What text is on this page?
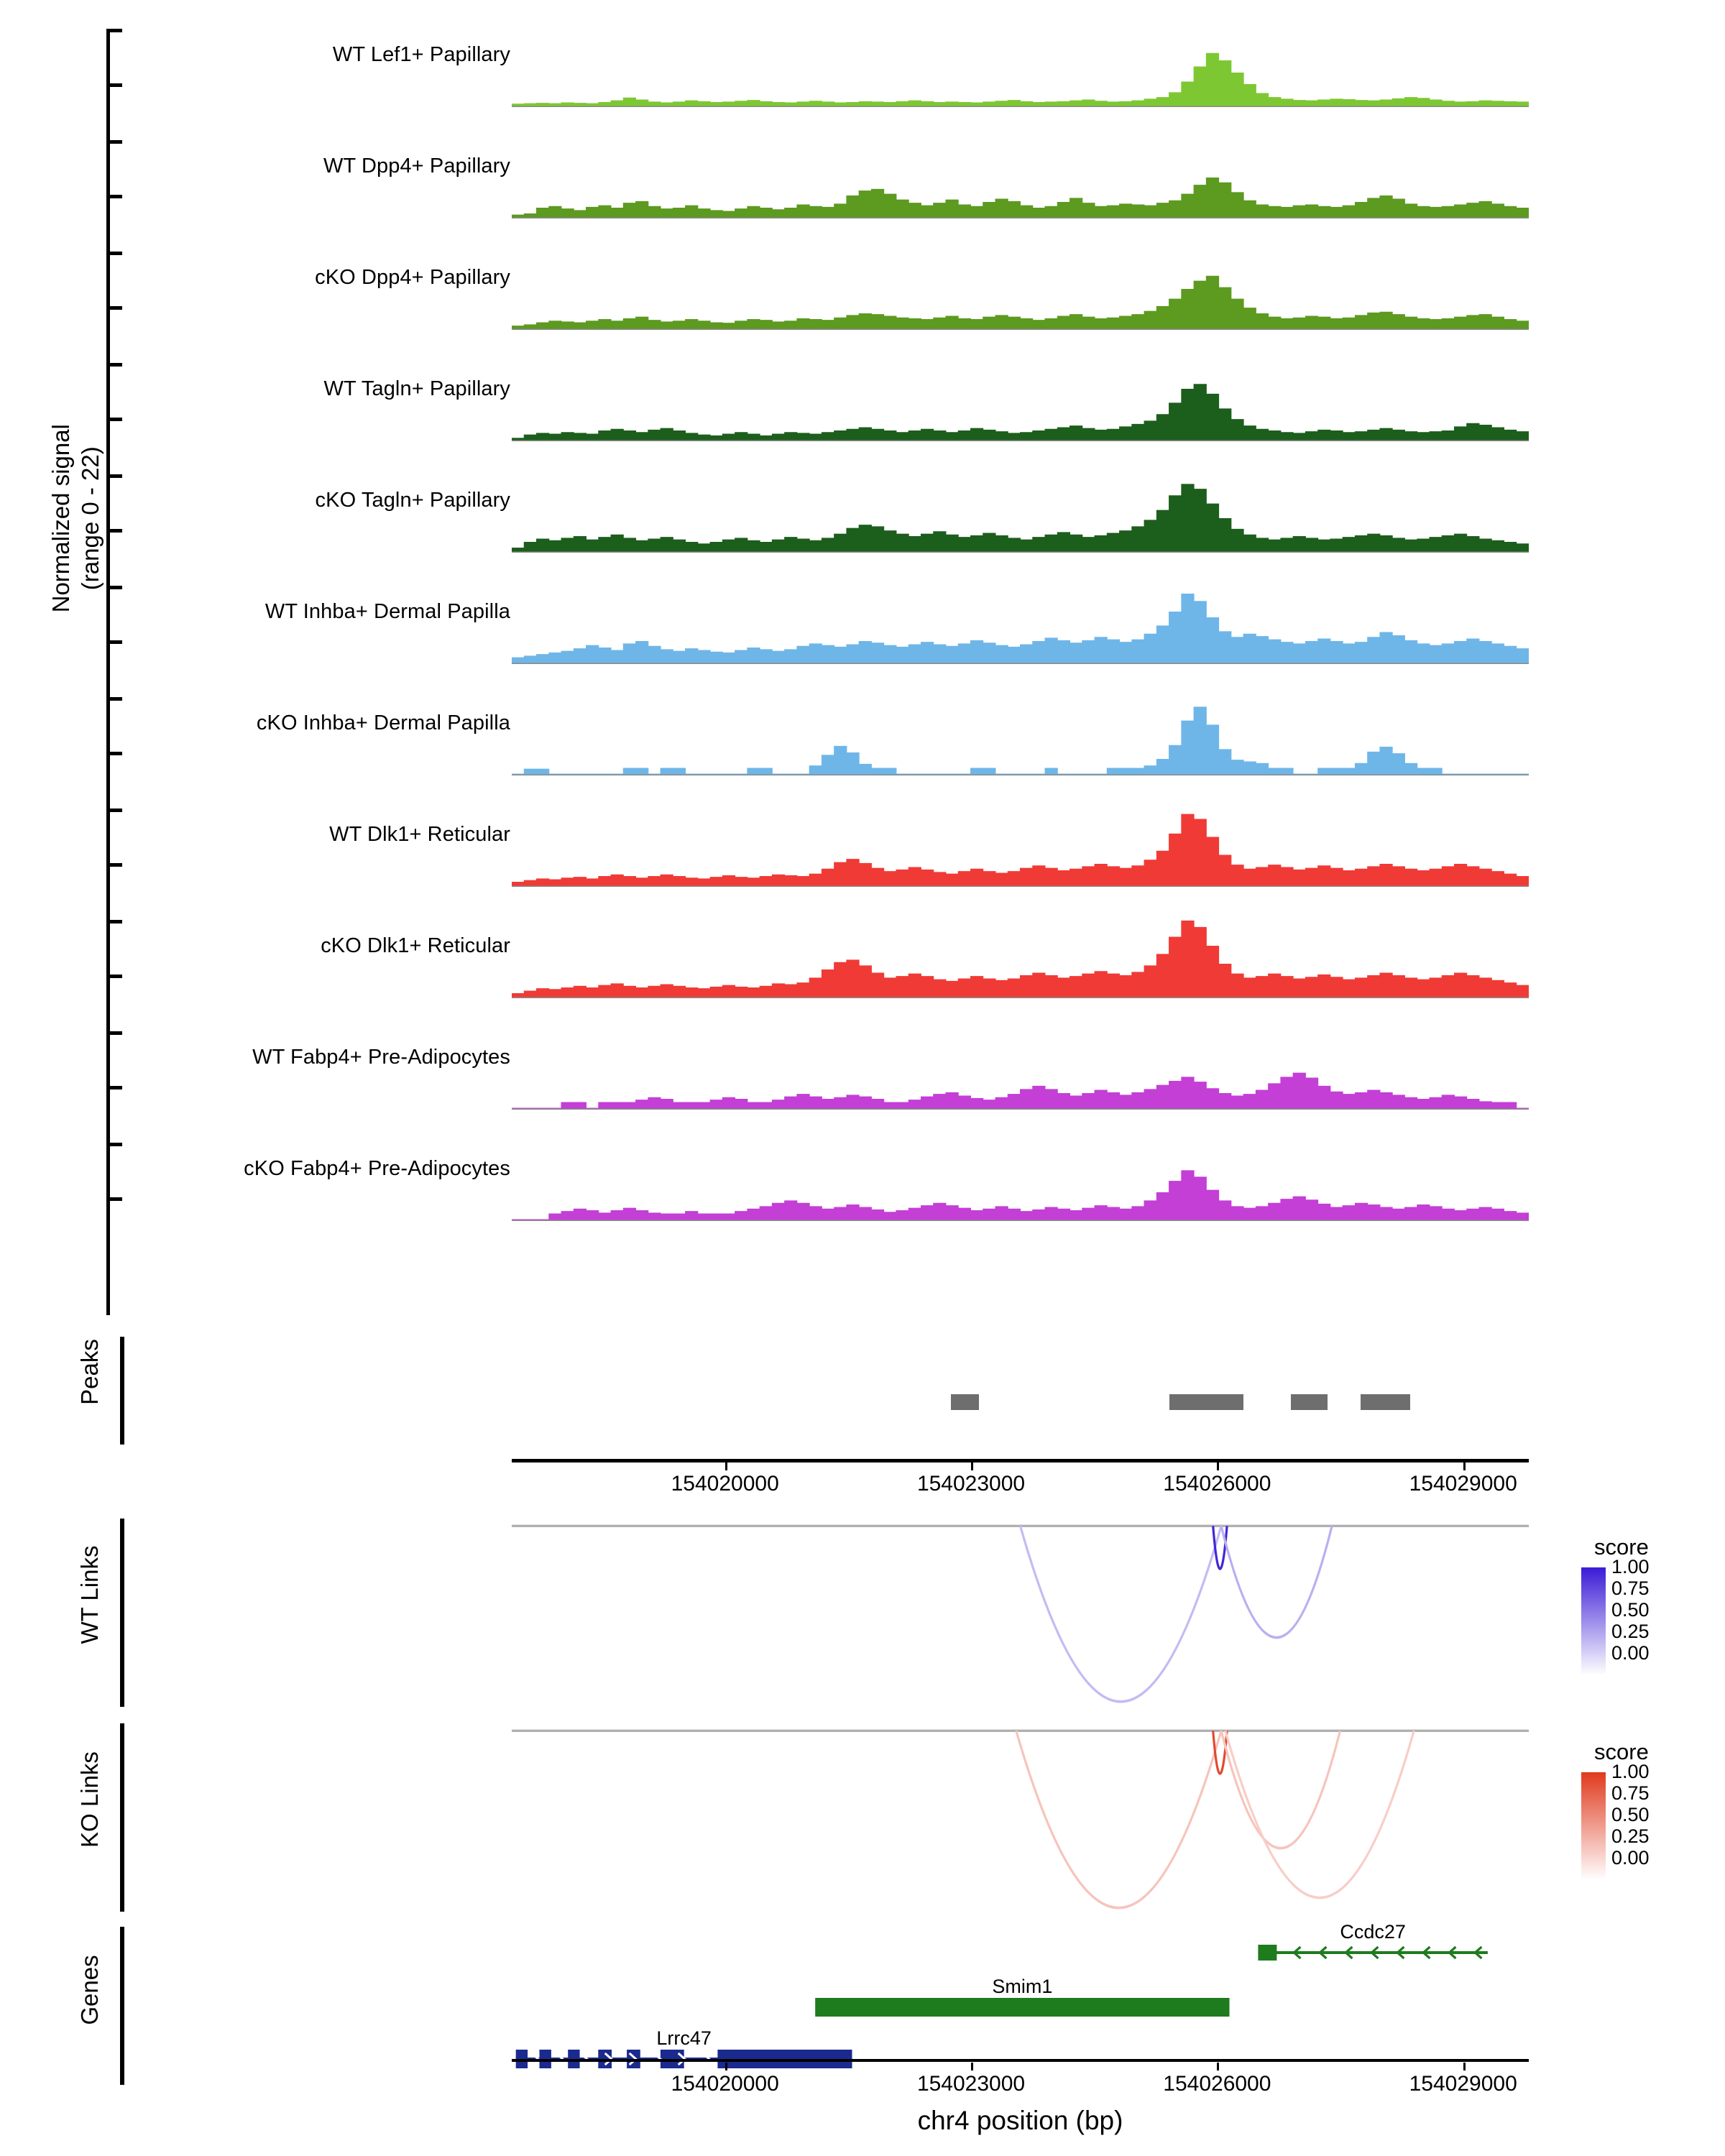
Normalized signal (range 0 - 22)
WT Lef1+ Papillary
WT Dpp4+ Papillary
cKO Dpp4+ Papillary
WT Tagln+ Papillary
cKO Tagln+ Papillary
WT Inhba+ Dermal Papilla
cKO Inhba+ Dermal Papilla
WT Dlk1+ Reticular
cKO Dlk1+ Reticular
WT Fabp4+ Pre-Adipocytes
cKO Fabp4+ Pre-Adipocytes
Peaks
154020000	154023000	154026000	154029000
WT Links	score
1.00
0.75
0.50
0.25
0.00
KO Links	score
1.00
0.75
0.50
0.25
0.00
Genes
Ccdc27
Smim1
Lrrc47
154020000	154023000	154026000	154029000
chr4 position (bp)
